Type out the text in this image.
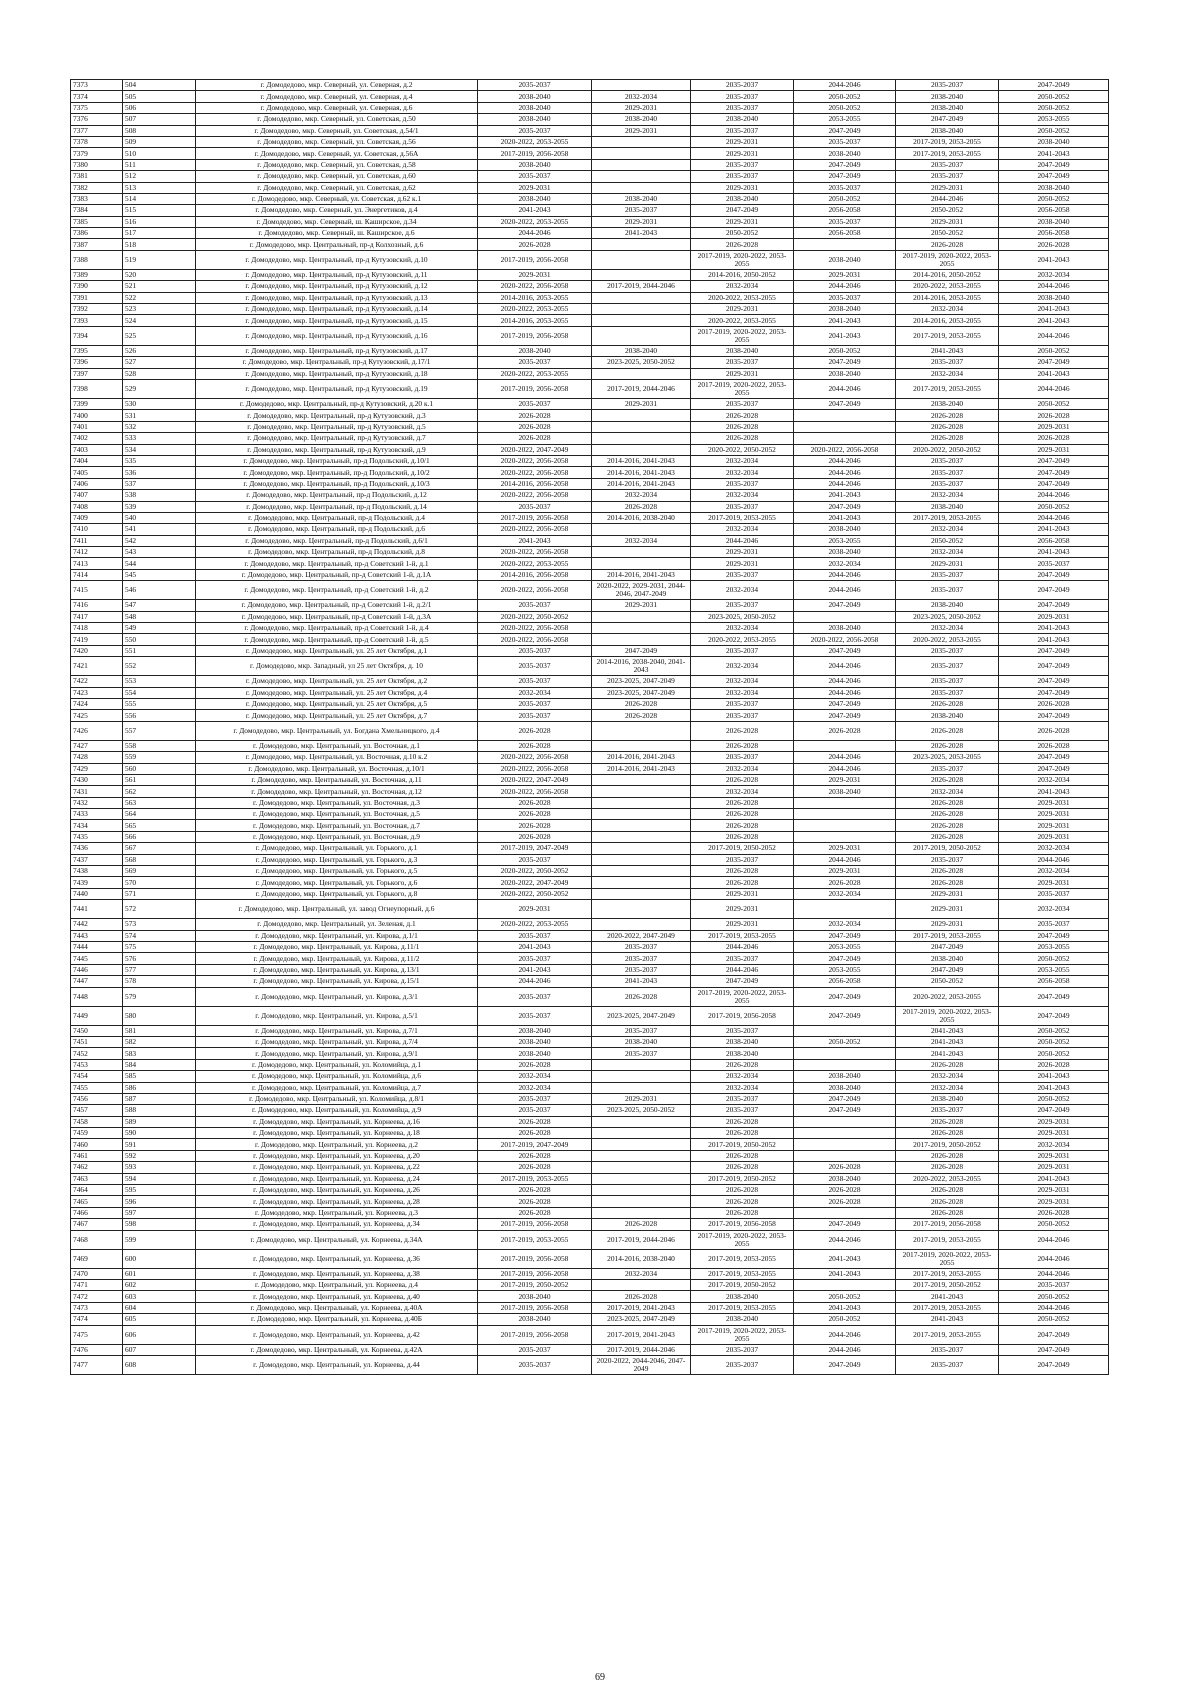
7373	504	г. Домодедово, мкр. Северный, ул. Северная, д.2	2035-2037		2035-2037	2044-2046	2035-2037	2047-2049
7374	505	г. Домодедово, мкр. Северный, ул. Северная, д.4	2038-2040	2032-2034	2035-2037	2050-2052	2038-2040	2050-2052
7375	506	г. Домодедово, мкр. Северный, ул. Северная, д.6	2038-2040	2029-2031	2035-2037	2050-2052	2038-2040	2050-2052
7376	507	г. Домодедово, мкр. Северный, ул. Советская, д.50	2038-2040	2038-2040	2038-2040	2053-2055	2047-2049	2053-2055
7377	508	г. Домодедово, мкр. Северный, ул. Советская, д.54/1	2035-2037	2029-2031	2035-2037	2047-2049	2038-2040	2050-2052
7378	509	г. Домодедово, мкр. Северный, ул. Советская, д.56	2020-2022, 2053-2055		2029-2031	2035-2037	2017-2019, 2053-2055	2038-2040
7379	510	г. Домодедово, мкр. Северный, ул. Советская, д.56А	2017-2019, 2056-2058		2029-2031	2038-2040	2017-2019, 2053-2055	2041-2043
7380	511	г. Домодедово, мкр. Северный, ул. Советская, д.58	2038-2040		2035-2037	2047-2049	2035-2037	2047-2049
7381	512	г. Домодедово, мкр. Северный, ул. Советская, д.60	2035-2037		2035-2037	2047-2049	2035-2037	2047-2049
7382	513	г. Домодедово, мкр. Северный, ул. Советская, д.62	2029-2031		2029-2031	2035-2037	2029-2031	2038-2040
7383	514	г. Домодедово, мкр. Северный, ул. Советская, д.62 к.1	2038-2040	2038-2040	2038-2040	2050-2052	2044-2046	2050-2052
7384	515	г. Домодедово, мкр. Северный, ул. Энергетиков, д.4	2041-2043	2035-2037	2047-2049	2056-2058	2050-2052	2056-2058
7385	516	г. Домодедово, мкр. Северный, ш. Каширское, д.34	2020-2022, 2053-2055	2029-2031	2029-2031	2035-2037	2029-2031	2038-2040
7386	517	г. Домодедово, мкр. Северный, ш. Каширское, д.6	2044-2046	2041-2043	2050-2052	2056-2058	2050-2052	2056-2058
7387	518	г. Домодедово, мкр. Центральный, пр-д Колхозный, д.6	2026-2028		2026-2028		2026-2028	2026-2028
7388	519	г. Домодедово, мкр. Центральный, пр-д Кутузовский, д.10	2017-2019, 2056-2058		2017-2019, 2020-2022, 2053-2055	2038-2040	2017-2019, 2020-2022, 2053-2055	2041-2043
7389	520	г. Домодедово, мкр. Центральный, пр-д Кутузовский, д.11	2029-2031		2014-2016, 2050-2052	2029-2031	2014-2016, 2050-2052	2032-2034
7390	521	г. Домодедово, мкр. Центральный, пр-д Кутузовский, д.12	2020-2022, 2056-2058	2017-2019, 2044-2046	2032-2034	2044-2046	2020-2022, 2053-2055	2044-2046
7391	522	г. Домодедово, мкр. Центральный, пр-д Кутузовский, д.13	2014-2016, 2053-2055		2020-2022, 2053-2055	2035-2037	2014-2016, 2053-2055	2038-2040
7392	523	г. Домодедово, мкр. Центральный, пр-д Кутузовский, д.14	2020-2022, 2053-2055		2029-2031	2038-2040	2032-2034	2041-2043
7393	524	г. Домодедово, мкр. Центральный, пр-д Кутузовский, д.15	2014-2016, 2053-2055		2020-2022, 2053-2055	2041-2043	2014-2016, 2053-2055	2041-2043
7394	525	г. Домодедово, мкр. Центральный, пр-д Кутузовский, д.16	2017-2019, 2056-2058		2017-2019, 2020-2022, 2053-2055	2041-2043	2017-2019, 2053-2055	2044-2046
7395	526	г. Домодедово, мкр. Центральный, пр-д Кутузовский, д.17	2038-2040	2038-2040	2038-2040	2050-2052	2041-2043	2050-2052
7396	527	г. Домодедово, мкр. Центральный, пр-д Кутузовский, д.17/1	2035-2037	2023-2025, 2050-2052	2035-2037	2047-2049	2035-2037	2047-2049
7397	528	г. Домодедово, мкр. Центральный, пр-д Кутузовский, д.18	2020-2022, 2053-2055		2029-2031	2038-2040	2032-2034	2041-2043
7398	529	г. Домодедово, мкр. Центральный, пр-д Кутузовский, д.19	2017-2019, 2056-2058	2017-2019, 2044-2046	2017-2019, 2020-2022, 2053-2055	2044-2046	2017-2019, 2053-2055	2044-2046
7399	530	г. Домодедово, мкр. Центральный, пр-д Кутузовский, д.20 к.1	2035-2037	2029-2031	2035-2037	2047-2049	2038-2040	2050-2052
7400	531	г. Домодедово, мкр. Центральный, пр-д Кутузовский, д.3	2026-2028		2026-2028		2026-2028	2026-2028
7401	532	г. Домодедово, мкр. Центральный, пр-д Кутузовский, д.5	2026-2028		2026-2028		2026-2028	2029-2031
7402	533	г. Домодедово, мкр. Центральный, пр-д Кутузовский, д.7	2026-2028		2026-2028		2026-2028	2026-2028
7403	534	г. Домодедово, мкр. Центральный, пр-д Кутузовский, д.9	2020-2022, 2047-2049		2020-2022, 2050-2052	2020-2022, 2056-2058	2020-2022, 2050-2052	2029-2031
7404	535	г. Домодедово, мкр. Центральный, пр-д Подольский, д.10/1	2020-2022, 2056-2058	2014-2016, 2041-2043	2032-2034	2044-2046	2035-2037	2047-2049
7405	536	г. Домодедово, мкр. Центральный, пр-д Подольский, д.10/2	2020-2022, 2056-2058	2014-2016, 2041-2043	2032-2034	2044-2046	2035-2037	2047-2049
7406	537	г. Домодедово, мкр. Центральный, пр-д Подольский, д.10/3	2014-2016, 2056-2058	2014-2016, 2041-2043	2035-2037	2044-2046	2035-2037	2047-2049
7407	538	г. Домодедово, мкр. Центральный, пр-д Подольский, д.12	2020-2022, 2056-2058	2032-2034	2032-2034	2041-2043	2032-2034	2044-2046
7408	539	г. Домодедово, мкр. Центральный, пр-д Подольский, д.14	2035-2037	2026-2028	2035-2037	2047-2049	2038-2040	2050-2052
7409	540	г. Домодедово, мкр. Центральный, пр-д Подольский, д.4	2017-2019, 2056-2058	2014-2016, 2038-2040	2017-2019, 2053-2055	2041-2043	2017-2019, 2053-2055	2044-2046
7410	541	г. Домодедово, мкр. Центральный, пр-д Подольский, д.6	2020-2022, 2056-2058		2032-2034	2038-2040	2032-2034	2041-2043
7411	542	г. Домодедово, мкр. Центральный, пр-д Подольский, д.6/1	2041-2043	2032-2034	2044-2046	2053-2055	2050-2052	2056-2058
7412	543	г. Домодедово, мкр. Центральный, пр-д Подольский, д.8	2020-2022, 2056-2058		2029-2031	2038-2040	2032-2034	2041-2043
7413	544	г. Домодедово, мкр. Центральный, пр-д Советский 1-й, д.1	2020-2022, 2053-2055		2029-2031	2032-2034	2029-2031	2035-2037
7414	545	г. Домодедово, мкр. Центральный, пр-д Советский 1-й, д.1А	2014-2016, 2056-2058	2014-2016, 2041-2043	2035-2037	2044-2046	2035-2037	2047-2049
7415	546	г. Домодедово, мкр. Центральный, пр-д Советский 1-й, д.2	2020-2022, 2056-2058	2020-2022, 2029-2031, 2044-2046, 2047-2049	2032-2034	2044-2046	2035-2037	2047-2049
7416	547	г. Домодедово, мкр. Центральный, пр-д Советский 1-й, д.2/1	2035-2037	2029-2031	2035-2037	2047-2049	2038-2040	2047-2049
7417	548	г. Домодедово, мкр. Центральный, пр-д Советский 1-й, д.3А	2020-2022, 2050-2052		2023-2025, 2050-2052		2023-2025, 2050-2052	2029-2031
7418	549	г. Домодедово, мкр. Центральный, пр-д Советский 1-й, д.4	2020-2022, 2056-2058		2032-2034	2038-2040	2032-2034	2041-2043
7419	550	г. Домодедово, мкр. Центральный, пр-д Советский 1-й, д.5	2020-2022, 2056-2058		2020-2022, 2053-2055	2020-2022, 2056-2058	2020-2022, 2053-2055	2041-2043
7420	551	г. Домодедово, мкр. Центральный, ул. 25 лет Октября, д.1	2035-2037	2047-2049	2035-2037	2047-2049	2035-2037	2047-2049
7421	552	г. Домодедово, мкр. Западный, ул 25 лет Октября, д. 10	2035-2037	2014-2016, 2038-2040, 2041-2043	2032-2034	2044-2046	2035-2037	2047-2049
7422	553	г. Домодедово, мкр. Центральный, ул. 25 лет Октября, д.2	2035-2037	2023-2025, 2047-2049	2032-2034	2044-2046	2035-2037	2047-2049
7423	554	г. Домодедово, мкр. Центральный, ул. 25 лет Октября, д.4	2032-2034	2023-2025, 2047-2049	2032-2034	2044-2046	2035-2037	2047-2049
7424	555	г. Домодедово, мкр. Центральный, ул. 25 лет Октября, д.5	2035-2037	2026-2028	2035-2037	2047-2049	2026-2028	2026-2028
7425	556	г. Домодедово, мкр. Центральный, ул. 25 лет Октября, д.7	2035-2037	2026-2028	2035-2037	2047-2049	2038-2040	2047-2049
7426	557	г. Домодедово, мкр. Центральный, ул. Богдана Хмельницкого, д.4	2026-2028		2026-2028	2026-2028	2026-2028	2026-2028
7427	558	г. Домодедово, мкр. Центральный, ул. Восточная, д.1	2026-2028		2026-2028		2026-2028	2026-2028
7428	559	г. Домодедово, мкр. Центральный, ул. Восточная, д.10 к.2	2020-2022, 2056-2058	2014-2016, 2041-2043	2035-2037	2044-2046	2023-2025, 2053-2055	2047-2049
7429	560	г. Домодедово, мкр. Центральный, ул. Восточная, д.10/1	2020-2022, 2056-2058	2014-2016, 2041-2043	2032-2034	2044-2046	2035-2037	2047-2049
7430	561	г. Домодедово, мкр. Центральный, ул. Восточная, д.11	2020-2022, 2047-2049		2026-2028	2029-2031	2026-2028	2032-2034
7431	562	г. Домодедово, мкр. Центральный, ул. Восточная, д.12	2020-2022, 2056-2058		2032-2034	2038-2040	2032-2034	2041-2043
7432	563	г. Домодедово, мкр. Центральный, ул. Восточная, д.3	2026-2028		2026-2028		2026-2028	2029-2031
7433	564	г. Домодедово, мкр. Центральный, ул. Восточная, д.5	2026-2028		2026-2028		2026-2028	2029-2031
7434	565	г. Домодедово, мкр. Центральный, ул. Восточная, д.7	2026-2028		2026-2028		2026-2028	2029-2031
7435	566	г. Домодедово, мкр. Центральный, ул. Восточная, д.9	2026-2028		2026-2028		2026-2028	2029-2031
7436	567	г. Домодедово, мкр. Центральный, ул. Горького, д.1	2017-2019, 2047-2049		2017-2019, 2050-2052	2029-2031	2017-2019, 2050-2052	2032-2034
7437	568	г. Домодедово, мкр. Центральный, ул. Горького, д.3	2035-2037		2035-2037	2044-2046	2035-2037	2044-2046
7438	569	г. Домодедово, мкр. Центральный, ул. Горького, д.5	2020-2022, 2050-2052		2026-2028	2029-2031	2026-2028	2032-2034
7439	570	г. Домодедово, мкр. Центральный, ул. Горького, д.6	2020-2022, 2047-2049		2026-2028	2026-2028	2026-2028	2029-2031
7440	571	г. Домодедово, мкр. Центральный, ул. Горького, д.8	2020-2022, 2050-2052		2029-2031	2032-2034	2029-2031	2035-2037
7441	572	г. Домодедово, мкр. Центральный, ул. завод Огнеупорный, д.6	2029-2031		2029-2031		2029-2031	2032-2034
7442	573	г. Домодедово, мкр. Центральный, ул. Зеленая, д.1	2020-2022, 2053-2055		2029-2031	2032-2034	2029-2031	2035-2037
7443	574	г. Домодедово, мкр. Центральный, ул. Кирова, д.1/1	2035-2037	2020-2022, 2047-2049	2017-2019, 2053-2055	2047-2049	2017-2019, 2053-2055	2047-2049
7444	575	г. Домодедово, мкр. Центральный, ул. Кирова, д.11/1	2041-2043	2035-2037	2044-2046	2053-2055	2047-2049	2053-2055
7445	576	г. Домодедово, мкр. Центральный, ул. Кирова, д.11/2	2035-2037	2035-2037	2035-2037	2047-2049	2038-2040	2050-2052
7446	577	г. Домодедово, мкр. Центральный, ул. Кирова, д.13/1	2041-2043	2035-2037	2044-2046	2053-2055	2047-2049	2053-2055
7447	578	г. Домодедово, мкр. Центральный, ул. Кирова, д.15/1	2044-2046	2041-2043	2047-2049	2056-2058	2050-2052	2056-2058
7448	579	г. Домодедово, мкр. Центральный, ул. Кирова, д.3/1	2035-2037	2026-2028	2017-2019, 2020-2022, 2053-2055	2047-2049	2020-2022, 2053-2055	2047-2049
7449	580	г. Домодедово, мкр. Центральный, ул. Кирова, д.5/1	2035-2037	2023-2025, 2047-2049	2017-2019, 2056-2058	2047-2049	2017-2019, 2020-2022, 2053-2055	2047-2049
7450	581	г. Домодедово, мкр. Центральный, ул. Кирова, д.7/1	2038-2040	2035-2037	2035-2037		2041-2043	2050-2052
7451	582	г. Домодедово, мкр. Центральный, ул. Кирова, д.7/4	2038-2040	2038-2040	2038-2040	2050-2052	2041-2043	2050-2052
7452	583	г. Домодедово, мкр. Центральный, ул. Кирова, д.9/1	2038-2040	2035-2037	2038-2040		2041-2043	2050-2052
7453	584	г. Домодедово, мкр. Центральный, ул. Коломийца, д.1	2026-2028		2026-2028		2026-2028	2026-2028
7454	585	г. Домодедово, мкр. Центральный, ул. Коломийца, д.6	2032-2034		2032-2034	2038-2040	2032-2034	2041-2043
7455	586	г. Домодедово, мкр. Центральный, ул. Коломийца, д.7	2032-2034		2032-2034	2038-2040	2032-2034	2041-2043
7456	587	г. Домодедово, мкр. Центральный, ул. Коломийца, д.8/1	2035-2037	2029-2031	2035-2037	2047-2049	2038-2040	2050-2052
7457	588	г. Домодедово, мкр. Центральный, ул. Коломийца, д.9	2035-2037	2023-2025, 2050-2052	2035-2037	2047-2049	2035-2037	2047-2049
7458	589	г. Домодедово, мкр. Центральный, ул. Корнеева, д.16	2026-2028		2026-2028		2026-2028	2029-2031
7459	590	г. Домодедово, мкр. Центральный, ул. Корнеева, д.18	2026-2028		2026-2028		2026-2028	2029-2031
7460	591	г. Домодедово, мкр. Центральный, ул. Корнеева, д.2	2017-2019, 2047-2049		2017-2019, 2050-2052		2017-2019, 2050-2052	2032-2034
7461	592	г. Домодедово, мкр. Центральный, ул. Корнеева, д.20	2026-2028		2026-2028		2026-2028	2029-2031
7462	593	г. Домодедово, мкр. Центральный, ул. Корнеева, д.22	2026-2028		2026-2028	2026-2028	2026-2028	2029-2031
7463	594	г. Домодедово, мкр. Центральный, ул. Корнеева, д.24	2017-2019, 2053-2055		2017-2019, 2050-2052	2038-2040	2020-2022, 2053-2055	2041-2043
7464	595	г. Домодедово, мкр. Центральный, ул. Корнеева, д.26	2026-2028		2026-2028	2026-2028	2026-2028	2029-2031
7465	596	г. Домодедово, мкр. Центральный, ул. Корнеева, д.28	2026-2028		2026-2028	2026-2028	2026-2028	2029-2031
7466	597	г. Домодедово, мкр. Центральный, ул. Корнеева, д.3	2026-2028		2026-2028		2026-2028	2026-2028
7467	598	г. Домодедово, мкр. Центральный, ул. Корнеева, д.34	2017-2019, 2056-2058	2026-2028	2017-2019, 2056-2058	2047-2049	2017-2019, 2056-2058	2050-2052
7468	599	г. Домодедово, мкр. Центральный, ул. Корнеева, д.34А	2017-2019, 2053-2055	2017-2019, 2044-2046	2017-2019, 2020-2022, 2053-2055	2044-2046	2017-2019, 2053-2055	2044-2046
7469	600	г. Домодедово, мкр. Центральный, ул. Корнеева, д.36	2017-2019, 2056-2058	2014-2016, 2038-2040	2017-2019, 2053-2055	2041-2043	2017-2019, 2020-2022, 2053-2055	2044-2046
7470	601	г. Домодедово, мкр. Центральный, ул. Корнеева, д.38	2017-2019, 2056-2058	2032-2034	2017-2019, 2053-2055	2041-2043	2017-2019, 2053-2055	2044-2046
7471	602	г. Домодедово, мкр. Центральный, ул. Корнеева, д.4	2017-2019, 2050-2052		2017-2019, 2050-2052		2017-2019, 2050-2052	2035-2037
7472	603	г. Домодедово, мкр. Центральный, ул. Корнеева, д.40	2038-2040	2026-2028	2038-2040	2050-2052	2041-2043	2050-2052
7473	604	г. Домодедово, мкр. Центральный, ул. Корнеева, д.40А	2017-2019, 2056-2058	2017-2019, 2041-2043	2017-2019, 2053-2055	2041-2043	2017-2019, 2053-2055	2044-2046
7474	605	г. Домодедово, мкр. Центральный, ул. Корнеева, д.40Б	2038-2040	2023-2025, 2047-2049	2038-2040	2050-2052	2041-2043	2050-2052
7475	606	г. Домодедово, мкр. Центральный, ул. Корнеева, д.42	2017-2019, 2056-2058	2017-2019, 2041-2043	2017-2019, 2020-2022, 2053-2055	2044-2046	2017-2019, 2053-2055	2047-2049
7476	607	г. Домодедово, мкр. Центральный, ул. Корнеева, д.42А	2035-2037	2017-2019, 2044-2046	2035-2037	2044-2046	2035-2037	2047-2049
7477	608	г. Домодедово, мкр. Центральный, ул. Корнеева, д.44	2035-2037	2020-2022, 2044-2046, 2047-2049	2035-2037	2047-2049	2035-2037	2047-2049
69
